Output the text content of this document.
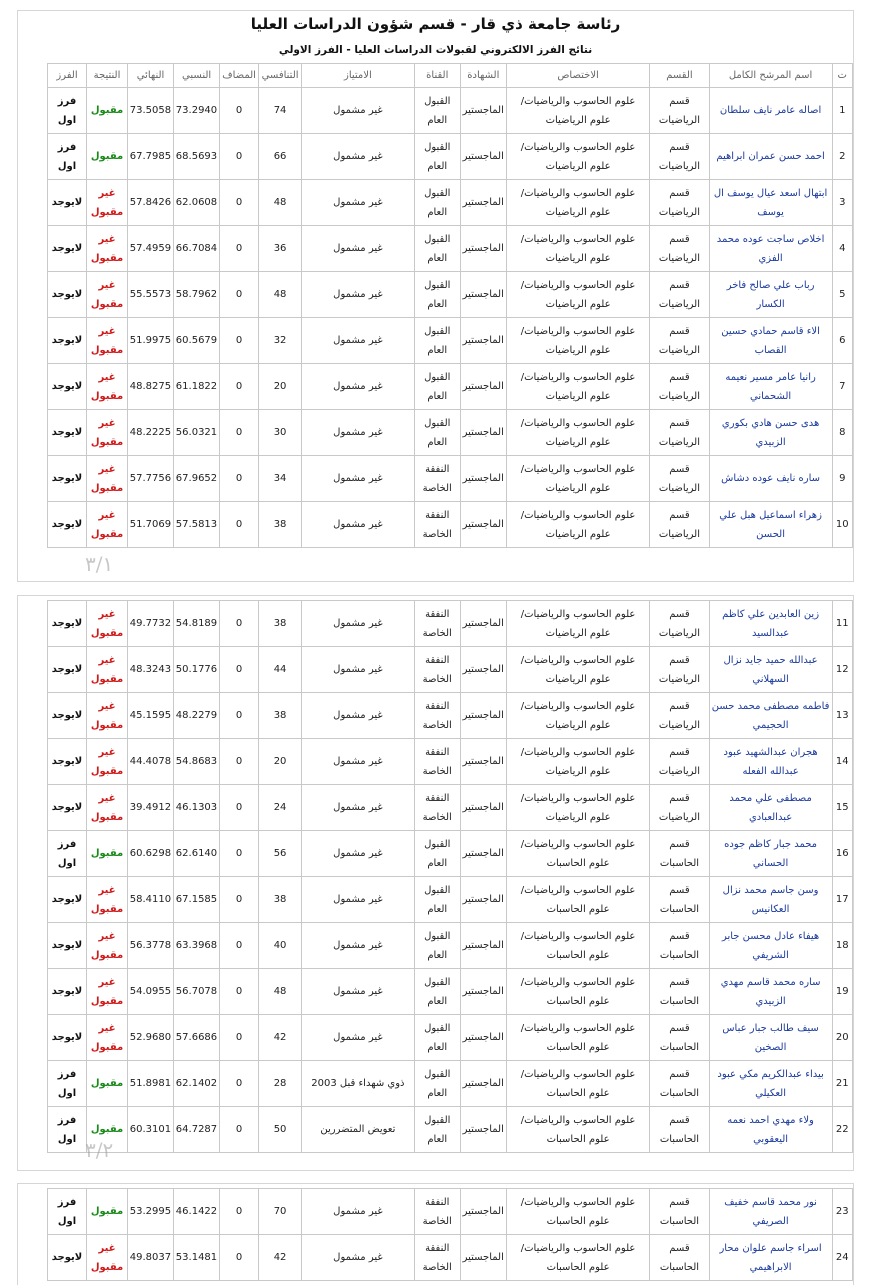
رئاسة جامعة ذي قار - قسم شؤون الدراسات العليا
نتائج الفرز الالكتروني لقبولات الدراسات العليا - الفرز الاولي
ت	اسم المرشح الكامل	القسم	الاختصاص	الشهادة	القناة	الامتياز	التنافسي	المضاف	النسبي	النهائي	النتيجة	الفرز
1	اصاله عامر نايف سلطان	قسم الرياضيات	علوم الحاسوب والرياضيات/ علوم الرياضيات	الماجستير	القبول العام	غير مشمول	74	0	73.2940	73.5058	مقبول	فرز اول
2	احمد حسن عمران ابراهيم	قسم الرياضيات	علوم الحاسوب والرياضيات/ علوم الرياضيات	الماجستير	القبول العام	غير مشمول	66	0	68.5693	67.7985	مقبول	فرز اول
3	ابتهال اسعد عيال يوسف ال يوسف	قسم الرياضيات	علوم الحاسوب والرياضيات/ علوم الرياضيات	الماجستير	القبول العام	غير مشمول	48	0	62.0608	57.8426	غير مقبول	لايوجد
4	اخلاص ساجت عوده محمد الفزي	قسم الرياضيات	علوم الحاسوب والرياضيات/ علوم الرياضيات	الماجستير	القبول العام	غير مشمول	36	0	66.7084	57.4959	غير مقبول	لايوجد
5	رباب علي صالح فاخر الكسار	قسم الرياضيات	علوم الحاسوب والرياضيات/ علوم الرياضيات	الماجستير	القبول العام	غير مشمول	48	0	58.7962	55.5573	غير مقبول	لايوجد
6	الاء قاسم حمادي حسين القصاب	قسم الرياضيات	علوم الحاسوب والرياضيات/ علوم الرياضيات	الماجستير	القبول العام	غير مشمول	32	0	60.5679	51.9975	غير مقبول	لايوجد
7	رانيا عامر مسير نعيمه الشحماني	قسم الرياضيات	علوم الحاسوب والرياضيات/ علوم الرياضيات	الماجستير	القبول العام	غير مشمول	20	0	61.1822	48.8275	غير مقبول	لايوجد
8	هدى حسن هادي بكوري الزبيدي	قسم الرياضيات	علوم الحاسوب والرياضيات/ علوم الرياضيات	الماجستير	القبول العام	غير مشمول	30	0	56.0321	48.2225	غير مقبول	لايوجد
9	ساره نايف عوده دشاش	قسم الرياضيات	علوم الحاسوب والرياضيات/ علوم الرياضيات	الماجستير	النفقة الخاصة	غير مشمول	34	0	67.9652	57.7756	غير مقبول	لايوجد
10	زهراء اسماعيل هبل علي الحسن	قسم الرياضيات	علوم الحاسوب والرياضيات/ علوم الرياضيات	الماجستير	النفقة الخاصة	غير مشمول	38	0	57.5813	51.7069	غير مقبول	لايوجد
٣/١
11	زين العابدين علي كاظم عبدالسيد	قسم الرياضيات	علوم الحاسوب والرياضيات/ علوم الرياضيات	الماجستير	النفقة الخاصة	غير مشمول	38	0	54.8189	49.7732	غير مقبول	لايوجد
12	عبدالله حميد جايد نزال السهلاني	قسم الرياضيات	علوم الحاسوب والرياضيات/ علوم الرياضيات	الماجستير	النفقة الخاصة	غير مشمول	44	0	50.1776	48.3243	غير مقبول	لايوجد
13	فاطمه مصطفى محمد حسن الحجيمي	قسم الرياضيات	علوم الحاسوب والرياضيات/ علوم الرياضيات	الماجستير	النفقة الخاصة	غير مشمول	38	0	48.2279	45.1595	غير مقبول	لايوجد
14	هجران عبدالشهيد عبود عبدالله الفعله	قسم الرياضيات	علوم الحاسوب والرياضيات/ علوم الرياضيات	الماجستير	النفقة الخاصة	غير مشمول	20	0	54.8683	44.4078	غير مقبول	لايوجد
15	مصطفى علي محمد عبدالعبادي	قسم الرياضيات	علوم الحاسوب والرياضيات/ علوم الرياضيات	الماجستير	النفقة الخاصة	غير مشمول	24	0	46.1303	39.4912	غير مقبول	لايوجد
16	محمد جبار كاظم جوده الحساني	قسم الحاسبات	علوم الحاسوب والرياضيات/ علوم الحاسبات	الماجستير	القبول العام	غير مشمول	56	0	62.6140	60.6298	مقبول	فرز اول
17	وسن جاسم محمد نزال العكانيس	قسم الحاسبات	علوم الحاسوب والرياضيات/ علوم الحاسبات	الماجستير	القبول العام	غير مشمول	38	0	67.1585	58.4110	غير مقبول	لايوجد
18	هيفاء عادل محسن جابر الشريفي	قسم الحاسبات	علوم الحاسوب والرياضيات/ علوم الحاسبات	الماجستير	القبول العام	غير مشمول	40	0	63.3968	56.3778	غير مقبول	لايوجد
19	ساره محمد قاسم مهدي الزبيدي	قسم الحاسبات	علوم الحاسوب والرياضيات/ علوم الحاسبات	الماجستير	القبول العام	غير مشمول	48	0	56.7078	54.0955	غير مقبول	لايوجد
20	سيف طالب جبار عباس الصخين	قسم الحاسبات	علوم الحاسوب والرياضيات/ علوم الحاسبات	الماجستير	القبول العام	غير مشمول	42	0	57.6686	52.9680	غير مقبول	لايوجد
21	بيداء عبدالكريم مكي عبود العكيلي	قسم الحاسبات	علوم الحاسوب والرياضيات/ علوم الحاسبات	الماجستير	القبول العام	ذوي شهداء قبل 2003	28	0	62.1402	51.8981	مقبول	فرز اول
22	ولاء مهدي احمد نعمه اليعقوبي	قسم الحاسبات	علوم الحاسوب والرياضيات/ علوم الحاسبات	الماجستير	القبول العام	تعويض المتضررين	50	0	64.7287	60.3101	مقبول	فرز اول ٣/٢
23	نور محمد قاسم خفيف الصريفي	قسم الحاسبات	علوم الحاسوب والرياضيات/ علوم الحاسبات	الماجستير	النفقة الخاصة	غير مشمول	70	0	46.1422	53.2995	مقبول	فرز اول
24	اسراء جاسم علوان محار الابراهيمي	قسم الحاسبات	علوم الحاسوب والرياضيات/ علوم الحاسبات	الماجستير	النفقة الخاصة	غير مشمول	42	0	53.1481	49.8037	غير مقبول	لايوجد
